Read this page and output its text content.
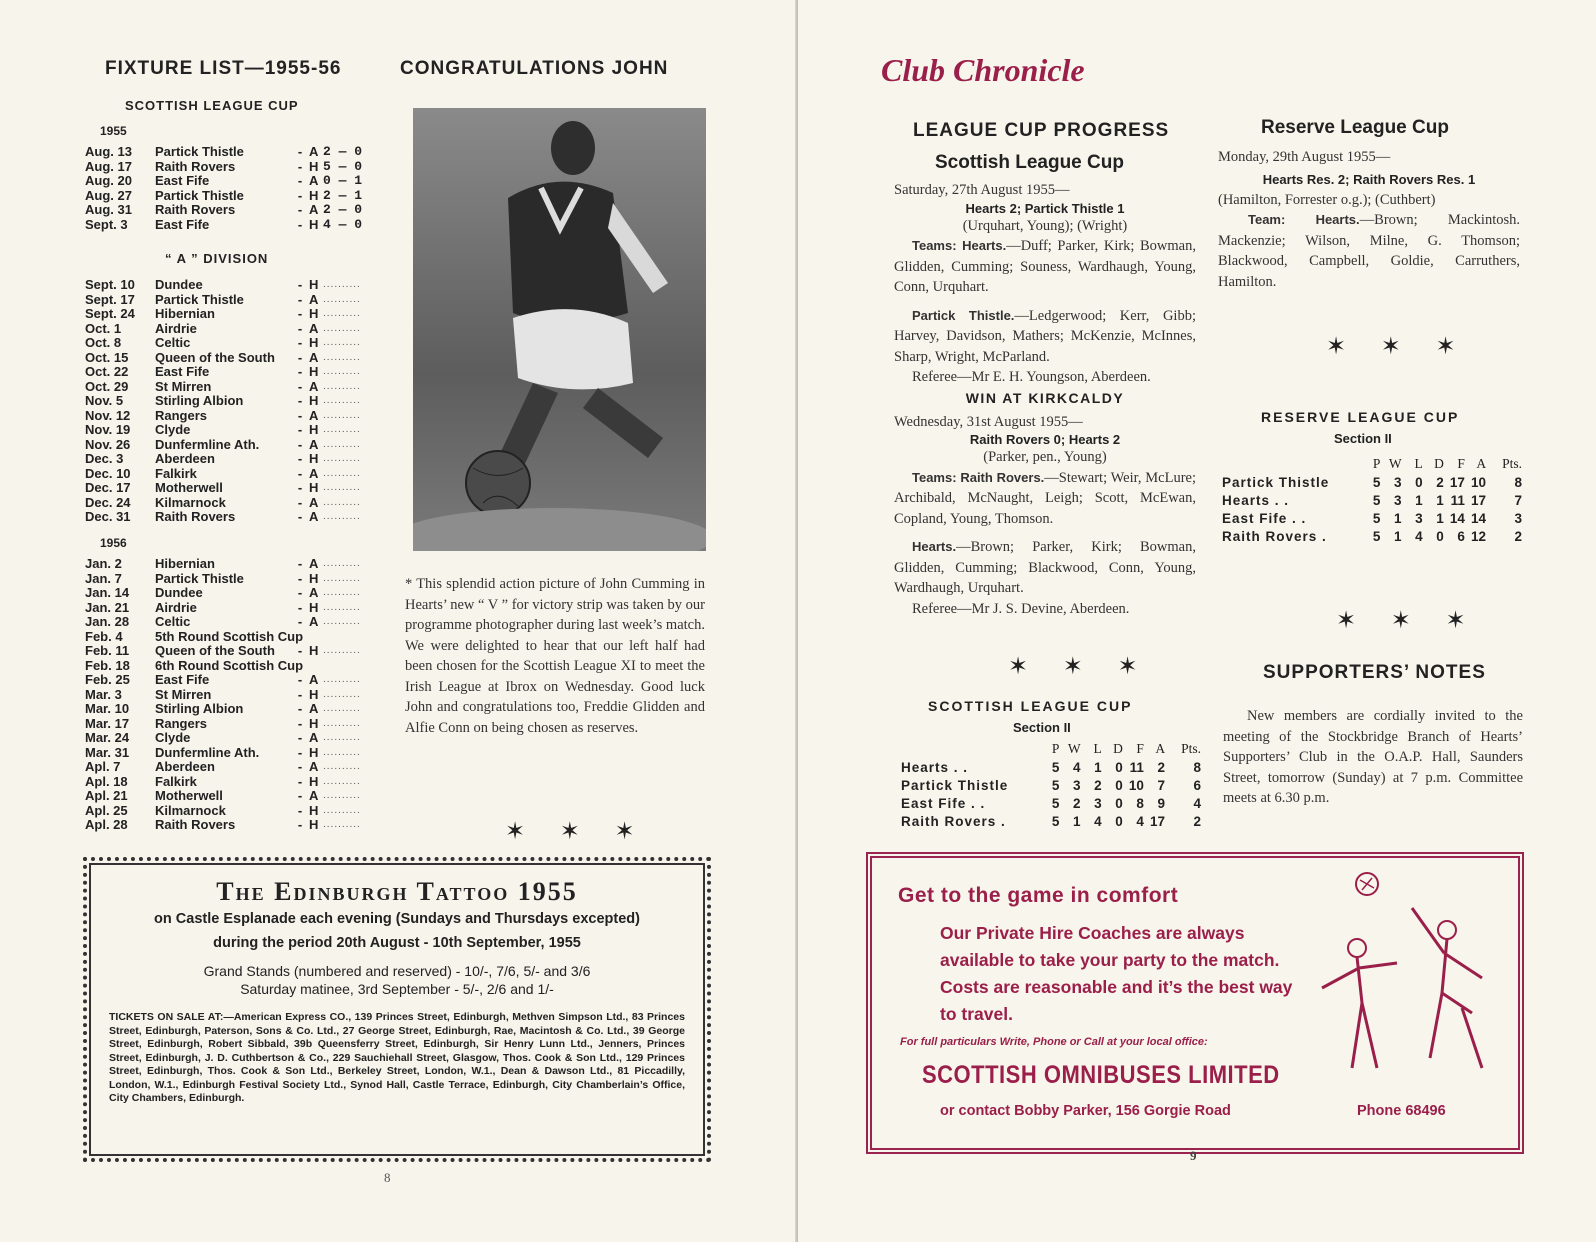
FIXTURE LIST—1955-56
SCOTTISH LEAGUE CUP
1955
Aug. 13	Partick Thistle	- A 2 — 0
Aug. 17	Raith Rovers	- H 5 — 0
Aug. 20	East Fife	- A 0 — 1
Aug. 27	Partick Thistle	- H 2 — 1
Aug. 31	Raith Rovers	- A 2 — 0
Sept. 3	East Fife	- H 4 — 0
“ A ” DIVISION
Sept. 10	Dundee	- H ..........
Sept. 17	Partick Thistle	- A ..........
Sept. 24	Hibernian	- H ..........
Oct. 1	Airdrie	- A ..........
Oct. 8	Celtic	- H ..........
Oct. 15	Queen of the South	- A ..........
Oct. 22	East Fife	- H ..........
Oct. 29	St Mirren	- A ..........
Nov. 5	Stirling Albion	- H ..........
Nov. 12	Rangers	- A ..........
Nov. 19	Clyde	- H ..........
Nov. 26	Dunfermline Ath.	- A ..........
Dec. 3	Aberdeen	- H ..........
Dec. 10	Falkirk	- A ..........
Dec. 17	Motherwell	- H ..........
Dec. 24	Kilmarnock	- A ..........
Dec. 31	Raith Rovers	- A ..........
1956
Jan. 2	Hibernian	- A ..........
Jan. 7	Partick Thistle	- H ..........
Jan. 14	Dundee	- A ..........
Jan. 21	Airdrie	- H ..........
Jan. 28	Celtic	- A ..........
Feb. 4	5th Round Scottish Cup
Feb. 11	Queen of the South	- H ..........
Feb. 18	6th Round Scottish Cup
Feb. 25	East Fife	- A ..........
Mar. 3	St Mirren	- H ..........
Mar. 10	Stirling Albion	- A ..........
Mar. 17	Rangers	- H ..........
Mar. 24	Clyde	- A ..........
Mar. 31	Dunfermline Ath.	- H ..........
Apl. 7	Aberdeen	- A ..........
Apl. 18	Falkirk	- H ..........
Apl. 21	Motherwell	- A ..........
Apl. 25	Kilmarnock	- H ..........
Apl. 28	Raith Rovers	- H ..........
CONGRATULATIONS JOHN
* This splendid action picture of John Cumming in Hearts’ new “ V ” for victory strip was taken by our programme photographer during last week’s match. We were delighted to hear that our left half had been chosen for the Scottish League XI to meet the Irish League at Ibrox on Wednesday. Good luck John and congratulations too, Freddie Glidden and Alfie Conn on being chosen as reserves.
✶ ✶ ✶
The Edinburgh Tattoo 1955
on Castle Esplanade each evening (Sundays and Thursdays excepted)
during the period 20th August - 10th September, 1955
Grand Stands (numbered and reserved) - 10/-, 7/6, 5/- and 3/6
Saturday matinee, 3rd September - 5/-, 2/6 and 1/-
TICKETS ON SALE AT:—American Express CO., 139 Princes Street, Edinburgh, Methven Simpson Ltd., 83 Princes Street, Edinburgh, Paterson, Sons & Co. Ltd., 27 George Street, Edinburgh, Rae, Macintosh & Co. Ltd., 39 George Street, Edinburgh, Robert Sibbald, 39b Queensferry Street, Edinburgh, Sir Henry Lunn Ltd., Jenners, Princes Street, Edinburgh, J. D. Cuthbertson & Co., 229 Sauchiehall Street, Glasgow, Thos. Cook & Son Ltd., 129 Princes Street, Edinburgh, Thos. Cook & Son Ltd., Berkeley Street, London, W.1., Dean & Dawson Ltd., 81 Piccadilly, London, W.1., Edinburgh Festival Society Ltd., Synod Hall, Castle Terrace, Edinburgh, City Chamberlain’s Office, City Chambers, Edinburgh.
8
Club Chronicle
LEAGUE CUP PROGRESS
Scottish League Cup
Saturday, 27th August 1955—
Hearts 2; Partick Thistle 1
(Urquhart, Young); (Wright)
Teams: Hearts.—Duff; Parker, Kirk; Bowman, Glidden, Cumming; Souness, Wardhaugh, Young, Conn, Urquhart.
Partick Thistle.—Ledgerwood; Kerr, Gibb; Harvey, Davidson, Mathers; McKenzie, McInnes, Sharp, Wright, McParland.
Referee—Mr E. H. Youngson, Aberdeen.
WIN AT KIRKCALDY
Wednesday, 31st August 1955—
Raith Rovers 0; Hearts 2
(Parker, pen., Young)
Teams: Raith Rovers.—Stewart; Weir, McLure; Archibald, McNaught, Leigh; Scott, McEwan, Copland, Young, Thomson.
Hearts.—Brown; Parker, Kirk; Bowman, Glidden, Cumming; Blackwood, Conn, Young, Wardhaugh, Urquhart.
Referee—Mr J. S. Devine, Aberdeen.
✶ ✶ ✶
SCOTTISH LEAGUE CUP
Section II
	P	W	L	D	F	A	Pts.
Hearts . .	5	4	1	0	11	2	8
Partick Thistle	5	3	2	0	10	7	6
East Fife . .	5	2	3	0	8	9	4
Raith Rovers .	5	1	4	0	4	17	2
Reserve League Cup
Monday, 29th August 1955—
Hearts Res. 2; Raith Rovers Res. 1
(Hamilton, Forrester o.g.); (Cuthbert)
Team: Hearts.—Brown; Mackintosh. Mackenzie; Wilson, Milne, G. Thomson; Blackwood, Campbell, Goldie, Carruthers, Hamilton.
✶ ✶ ✶
RESERVE LEAGUE CUP
Section II
	P	W	L	D	F	A	Pts.
Partick Thistle	5	3	0	2	17	10	8
Hearts . .	5	3	1	1	11	17	7
East Fife . .	5	1	3	1	14	14	3
Raith Rovers .	5	1	4	0	6	12	2
✶ ✶ ✶
SUPPORTERS’ NOTES
New members are cordially invited to the meeting of the Stockbridge Branch of Hearts’ Supporters’ Club in the O.A.P. Hall, Saunders Street, tomorrow (Sunday) at 7 p.m. Committee meets at 6.30 p.m.
Get to the game in comfort
Our Private Hire Coaches are always available to take your party to the match. Costs are reasonable and it’s the best way to travel.
For full particulars Write, Phone or Call at your local office:
SCOTTISH OMNIBUSES LIMITED
or contact Bobby Parker, 156 Gorgie Road	Phone 68496
9
